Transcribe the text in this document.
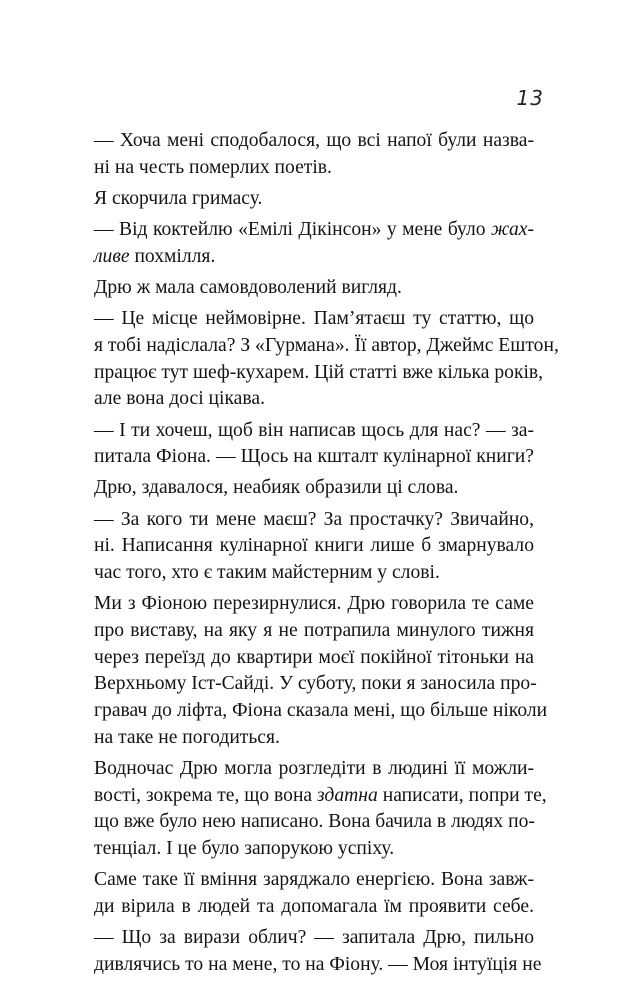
13
— Хоча мені сподобалося, що всі напої були назва-
ні на честь померлих поетів.
Я скорчила гримасу.
— Від коктейлю «Емілі Дікінсон» у мене було жах-
ливе похмілля.
Дрю ж мала самовдоволений вигляд.
— Це місце неймовірне. Пам’ятаєш ту статтю, що
я тобі надіслала? З «Гурмана». Її автор, Джеймс Ештон,
працює тут шеф-кухарем. Цій статті вже кілька років,
але вона досі цікава.
— І ти хочеш, щоб він написав щось для нас? — за-
питала Фіона. — Щось на кшталт кулінарної книги?
Дрю, здавалося, неабияк образили ці слова.
— За кого ти мене маєш? За простачку? Звичайно,
ні. Написання кулінарної книги лише б змарнувало
час того, хто є таким майстерним у слові.
Ми з Фіоною перезирнулися. Дрю говорила те саме
про виставу, на яку я не потрапила минулого тижня
через переїзд до квартири моєї покійної тітоньки на
Верхньому Іст-Сайді. У суботу, поки я заносила про-
гравач до ліфта, Фіона сказала мені, що більше ніколи
на таке не погодиться.
Водночас Дрю могла розгледіти в людині її можли-
вості, зокрема те, що вона здатна написати, попри те,
що вже було нею написано. Вона бачила в людях по-
тенціал. І це було запорукою успіху.
Саме таке її вміння заряджало енергією. Вона завж-
ди вірила в людей та допомагала їм проявити себе.
— Що за вирази облич? — запитала Дрю, пильно
дивлячись то на мене, то на Фіону. — Моя інтуїція не
